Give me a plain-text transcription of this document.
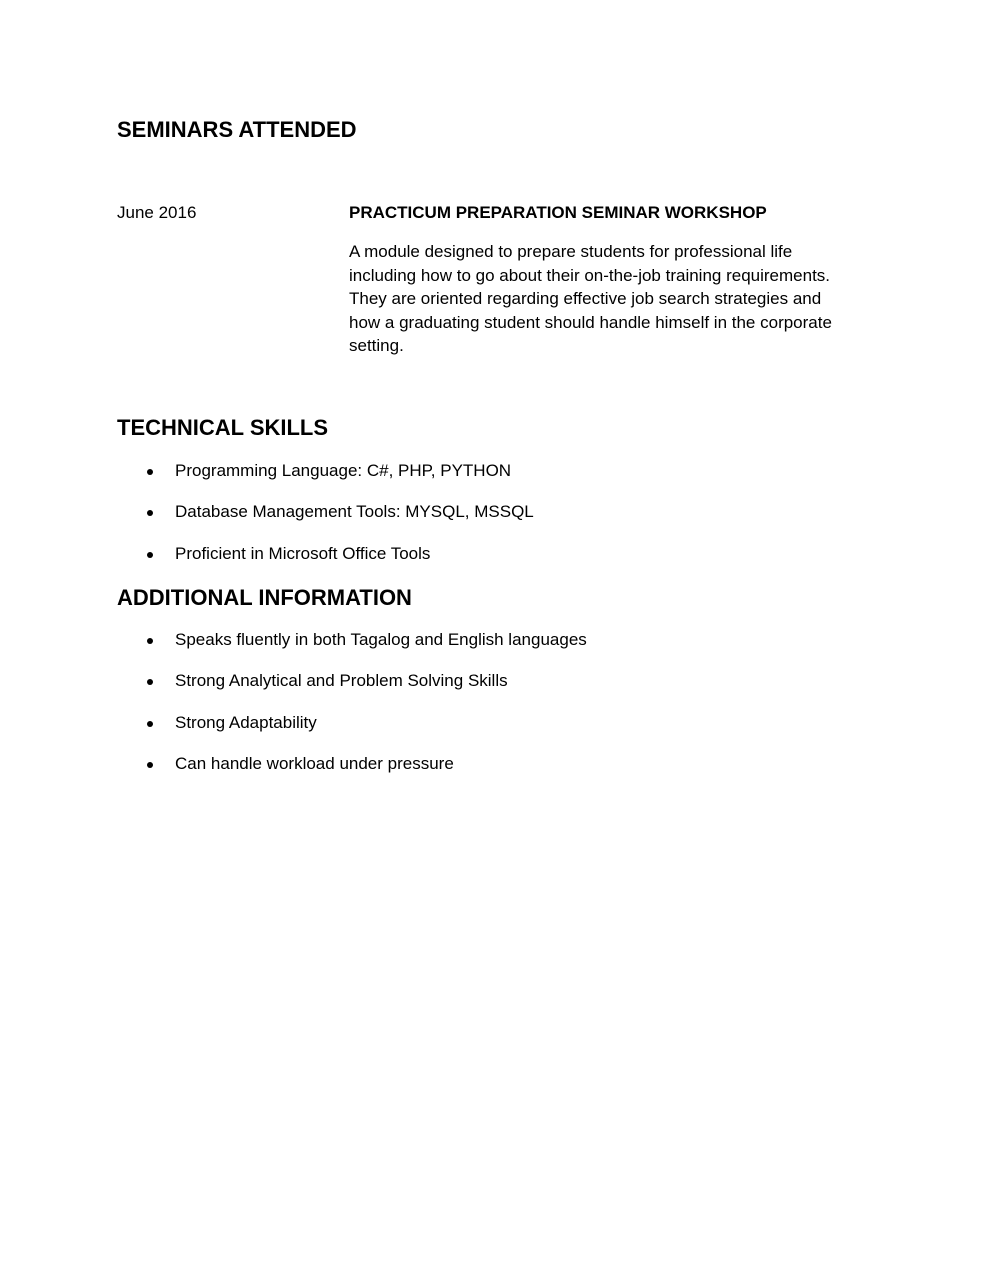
SEMINARS ATTENDED
June 2016	PRACTICUM PREPARATION SEMINAR WORKSHOP
A module designed to prepare students for professional life
including how to go about their on-the-job training requirements.
They are oriented regarding effective job search strategies and
how a graduating student should handle himself in the corporate
setting.
TECHNICAL SKILLS
Programming Language: C#, PHP, PYTHON
Database Management Tools: MYSQL, MSSQL
Proficient in Microsoft Office Tools
ADDITIONAL INFORMATION
Speaks fluently in both Tagalog and English languages
Strong Analytical and Problem Solving Skills
Strong Adaptability
Can handle workload under pressure
